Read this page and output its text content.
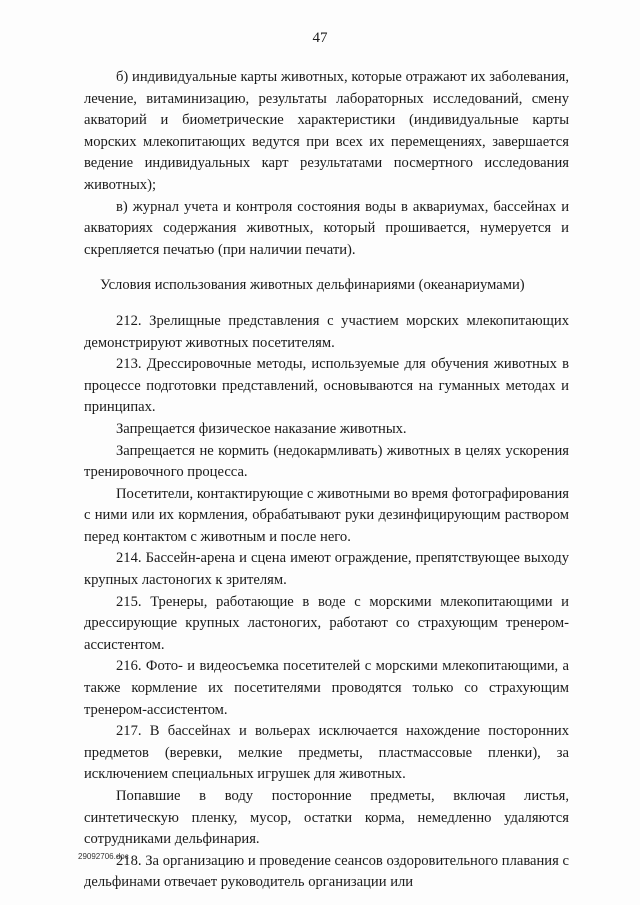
47

б) индивидуальные карты животных, которые отражают их заболевания, лечение, витаминизацию, результаты лабораторных исследований, смену акваторий и биометрические характеристики (индивидуальные карты морских млекопитающих ведутся при всех их перемещениях, завершается ведение индивидуальных карт результатами посмертного исследования животных);

в) журнал учета и контроля состояния воды в аквариумах, бассейнах и акваториях содержания животных, который прошивается, нумеруется и скрепляется печатью (при наличии печати).

Условия использования животных дельфинариями (океанариумами)

212. Зрелищные представления с участием морских млекопитающих демонстрируют животных посетителям.

213. Дрессировочные методы, используемые для обучения животных в процессе подготовки представлений, основываются на гуманных методах и принципах.

Запрещается физическое наказание животных.

Запрещается не кормить (недокармливать) животных в целях ускорения тренировочного процесса.

Посетители, контактирующие с животными во время фотографирования с ними или их кормления, обрабатывают руки дезинфицирующим раствором перед контактом с животным и после него.

214. Бассейн-арена и сцена имеют ограждение, препятствующее выходу крупных ластоногих к зрителям.

215. Тренеры, работающие в воде с морскими млекопитающими и дрессирующие крупных ластоногих, работают со страхующим тренером-ассистентом.

216. Фото- и видеосъемка посетителей с морскими млекопитающими, а также кормление их посетителями проводятся только со страхующим тренером-ассистентом.

217. В бассейнах и вольерах исключается нахождение посторонних предметов (веревки, мелкие предметы, пластмассовые пленки), за исключением специальных игрушек для животных.

Попавшие в воду посторонние предметы, включая листья, синтетическую пленку, мусор, остатки корма, немедленно удаляются сотрудниками дельфинария.

218. За организацию и проведение сеансов оздоровительного плавания с дельфинами отвечает руководитель организации или

29092706.doc
